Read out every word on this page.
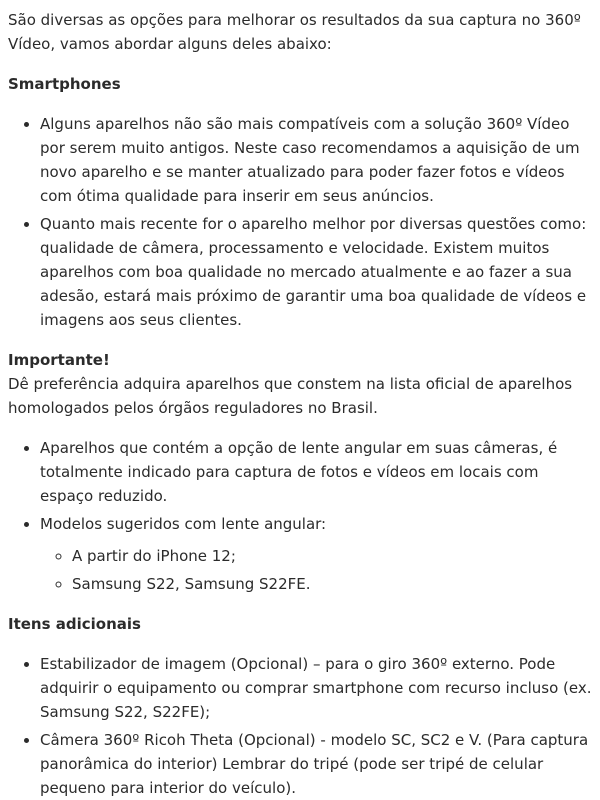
São diversas as opções para melhorar os resultados da sua captura no 360º Vídeo, vamos abordar alguns deles abaixo:

Smartphones
• Alguns aparelhos não são mais compatíveis com a solução 360º Vídeo por serem muito antigos. Neste caso recomendamos a aquisição de um novo aparelho e se manter atualizado para poder fazer fotos e vídeos com ótima qualidade para inserir em seus anúncios.
• Quanto mais recente for o aparelho melhor por diversas questões como: qualidade de câmera, processamento e velocidade. Existem muitos aparelhos com boa qualidade no mercado atualmente e ao fazer a sua adesão, estará mais próximo de garantir uma boa qualidade de vídeos e imagens aos seus clientes.
Importante!
Dê preferência adquira aparelhos que constem na lista oficial de aparelhos homologados pelos órgãos reguladores no Brasil.
• Aparelhos que contém a opção de lente angular em suas câmeras, é totalmente indicado para captura de fotos e vídeos em locais com espaço reduzido.
• Modelos sugeridos com lente angular:
◦ A partir do iPhone 12;
◦ Samsung S22, Samsung S22FE.
Itens adicionais
• Estabilizador de imagem (Opcional) – para o giro 360º externo. Pode adquirir o equipamento ou comprar smartphone com recurso incluso (ex. Samsung S22, S22FE);
• Câmera 360º Ricoh Theta (Opcional) - modelo SC, SC2 e V. (Para captura panorâmica do interior) Lembrar do tripé (pode ser tripé de celular pequeno para interior do veículo).
